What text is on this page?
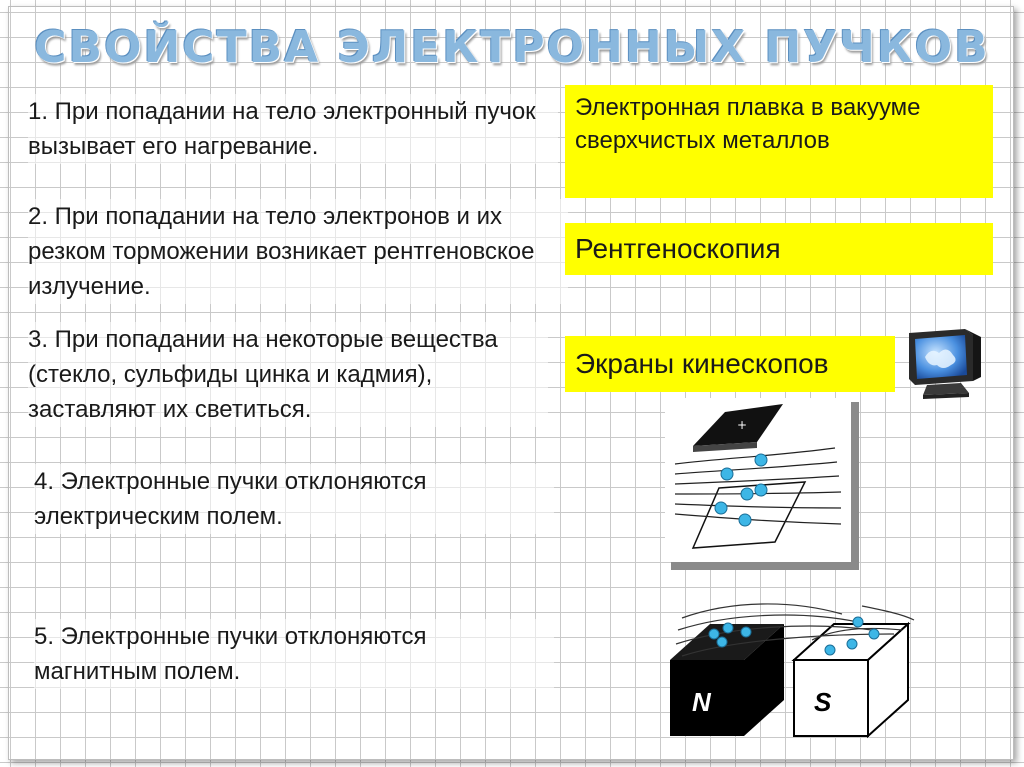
СВОЙСТВА ЭЛЕКТРОННЫХ ПУЧКОВ
1. При попадании на тело электронный пучок вызывает его нагревание.
2. При попадании на тело электронов и их резком торможении возникает рентгеновское излучение.
3. При попадании на некоторые вещества (стекло, сульфиды цинка и кадмия), заставляют их светиться.
4. Электронные пучки отклоняются электрическим полем.
5. Электронные пучки отклоняются магнитным полем.
Электронная плавка в вакууме сверхчистых металлов
Рентгеноскопия
Экраны кинескопов
+
N	S
